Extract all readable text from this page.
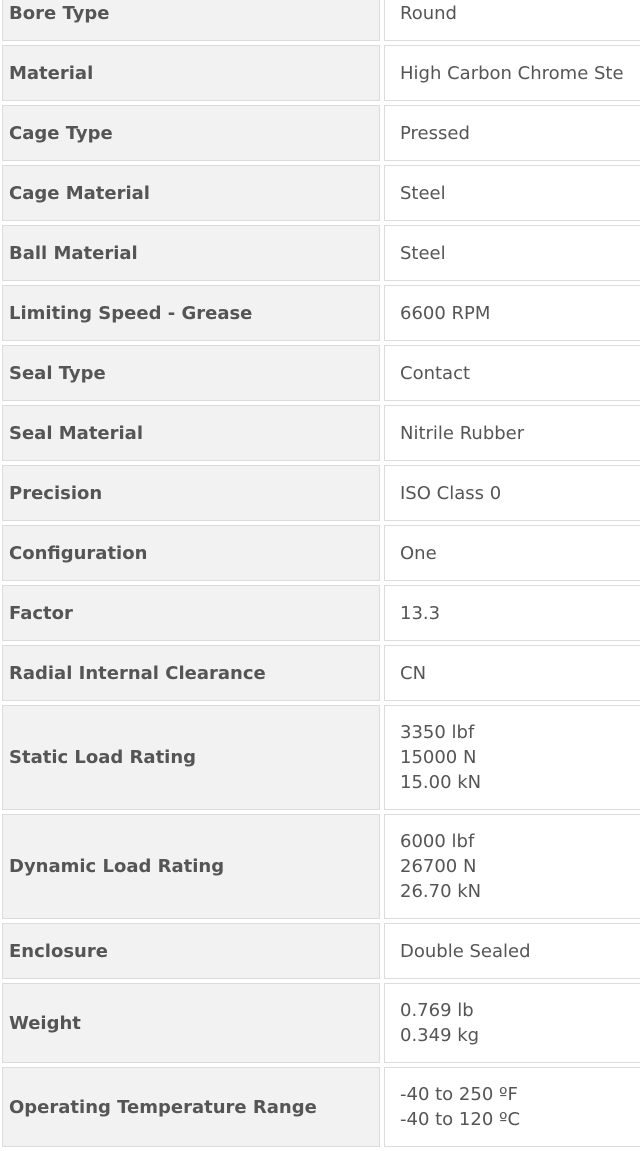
Bore Type	Round

Material	High Carbon Chrome Ste

Cage Type	Pressed

Cage Material	Steel

Ball Material	Steel

Limiting Speed - Grease	6600 RPM

Seal Type	Contact

Seal Material	Nitrile Rubber

Precision	ISO Class 0

Configuration	One

Factor	13.3

Radial Internal Clearance	CN

Static Load Rating	3350 lbf
15000 N
15.00 kN

Dynamic Load Rating	6000 lbf
26700 N
26.70 kN

Enclosure	Double Sealed

Weight	0.769 lb
0.349 kg

Operating Temperature Range	-40 to 250 ºF
-40 to 120 ºC
